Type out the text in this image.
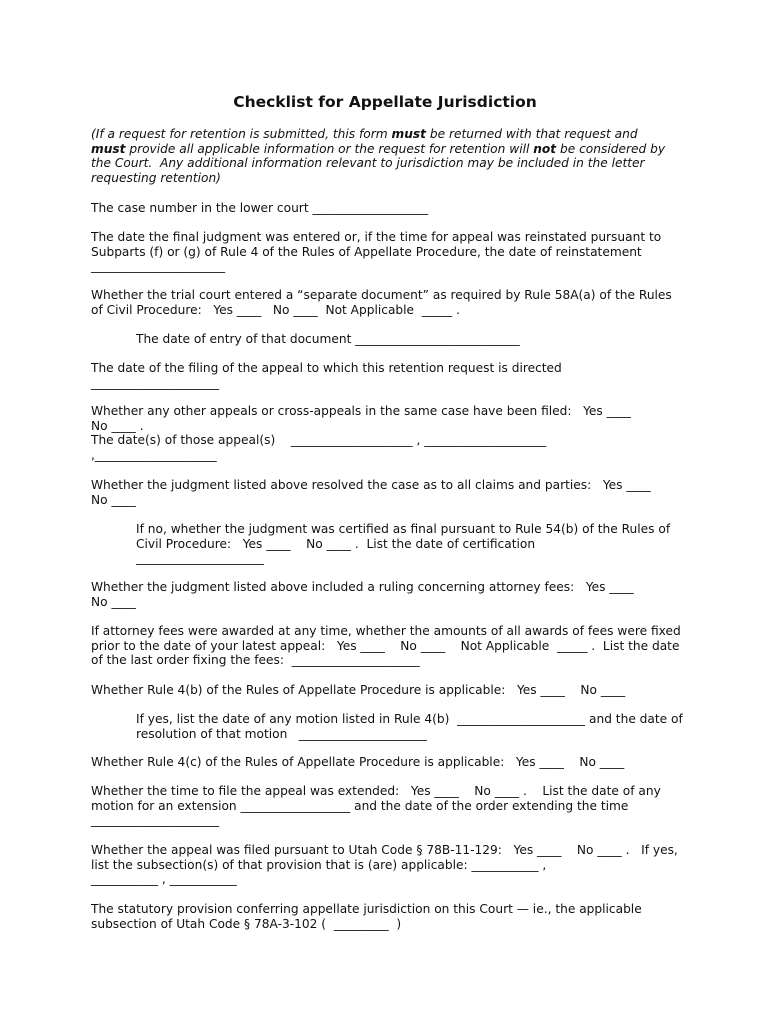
Checklist for Appellate Jurisdiction

(If a request for retention is submitted, this form must be returned with that request and
must provide all applicable information or the request for retention will not be considered by the Court.  Any additional information relevant to jurisdiction may be included in the letter requesting retention)

The case number in the lower court ___________________

The date the final judgment was entered or, if the time for appeal was reinstated pursuant to Subparts (f) or (g) of Rule 4 of the Rules of Appellate Procedure, the date of reinstatement  ______________________

Whether the trial court entered a “separate document” as required by Rule 58A(a) of the Rules of Civil Procedure:   Yes ____   No ____  Not Applicable  _____ .

The date of entry of that document ___________________________

The date of the filing of the appeal to which this retention request is directed
_____________________

Whether any other appeals or cross-appeals in the same case have been filed:   Yes ____
No ____ .
The date(s) of those appeal(s)    ____________________ , ____________________
,____________________

Whether the judgment listed above resolved the case as to all claims and parties:   Yes ____
No ____

If no, whether the judgment was certified as final pursuant to Rule 54(b) of the Rules of Civil Procedure:   Yes ____    No ____ .  List the date of certification
_____________________

Whether the judgment listed above included a ruling concerning attorney fees:   Yes ____
No ____

If attorney fees were awarded at any time, whether the amounts of all awards of fees were fixed prior to the date of your latest appeal:   Yes ____    No ____    Not Applicable  _____ .  List the date of the last order fixing the fees:  _____________________

Whether Rule 4(b) of the Rules of Appellate Procedure is applicable:   Yes ____    No ____

If yes, list the date of any motion listed in Rule 4(b)  _____________________ and the date of resolution of that motion   _____________________

Whether Rule 4(c) of the Rules of Appellate Procedure is applicable:   Yes ____    No ____

Whether the time to file the appeal was extended:   Yes ____    No ____ .    List the date of any motion for an extension __________________ and the date of the order extending the time  _____________________

Whether the appeal was filed pursuant to Utah Code § 78B-11-129:   Yes ____    No ____ .   If yes, list the subsection(s) of that provision that is (are) applicable: ___________ ,
___________ , ___________

The statutory provision conferring appellate jurisdiction on this Court — ie., the applicable subsection of Utah Code § 78A-3-102 (  _________  )
